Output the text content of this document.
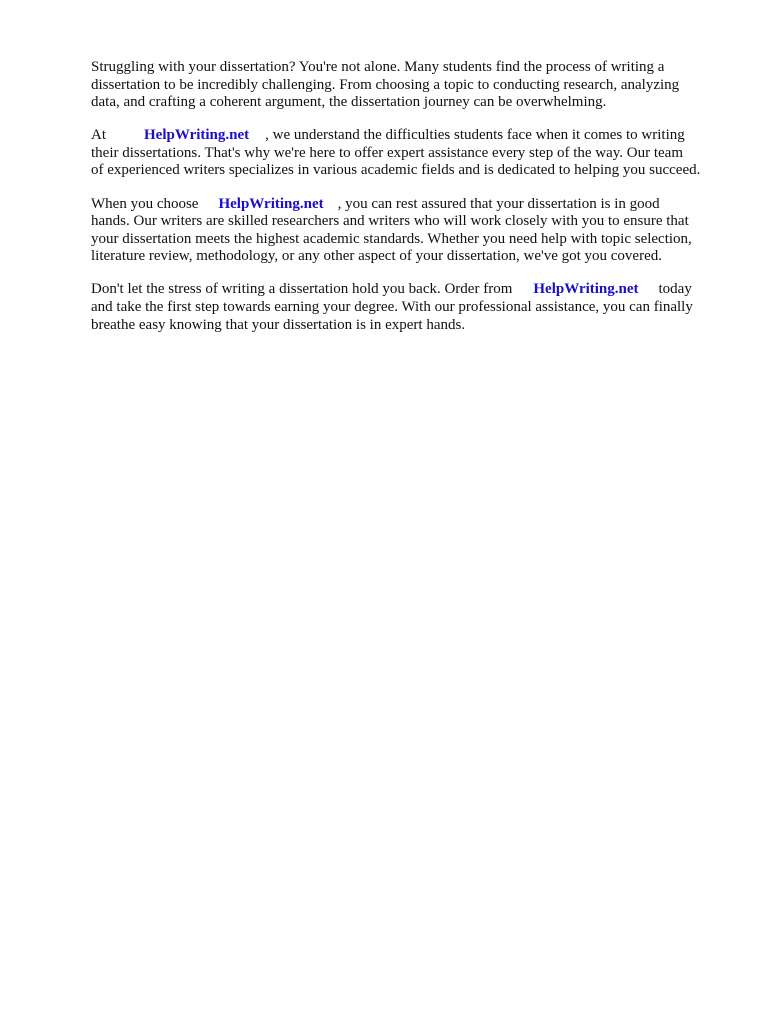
Struggling with your dissertation? You're not alone. Many students find the process of writing a
dissertation to be incredibly challenging. From choosing a topic to conducting research, analyzing
data, and crafting a coherent argument, the dissertation journey can be overwhelming.

At	HelpWriting.net , we understand the difficulties students face when it comes to writing
their dissertations. That's why we're here to offer expert assistance every step of the way. Our team
of experienced writers specializes in various academic fields and is dedicated to helping you succeed.

When you choose HelpWriting.net , you can rest assured that your dissertation is in good
hands. Our writers are skilled researchers and writers who will work closely with you to ensure that
your dissertation meets the highest academic standards. Whether you need help with topic selection,
literature review, methodology, or any other aspect of your dissertation, we've got you covered.

Don't let the stress of writing a dissertation hold you back. Order from HelpWriting.net today
and take the first step towards earning your degree. With our professional assistance, you can finally
breathe easy knowing that your dissertation is in expert hands.
